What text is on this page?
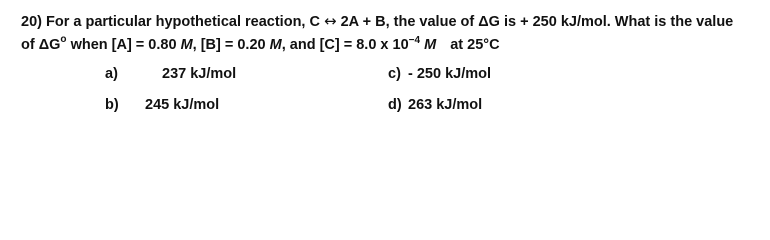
20) For a particular hypothetical reaction, C ↔ 2A + B, the value of ΔG is + 250 kJ/mol. What is the value
of $\Delta G^o$ when [A] = 0.80 M, [B] = 0.20 M, and [C] = 8.0 x $10^{-4}$ M at 25°C
a)	237 kJ/mol
b) 245 kJ/mol
c) - 250 kJ/mol
d) 263 kJ/mol
